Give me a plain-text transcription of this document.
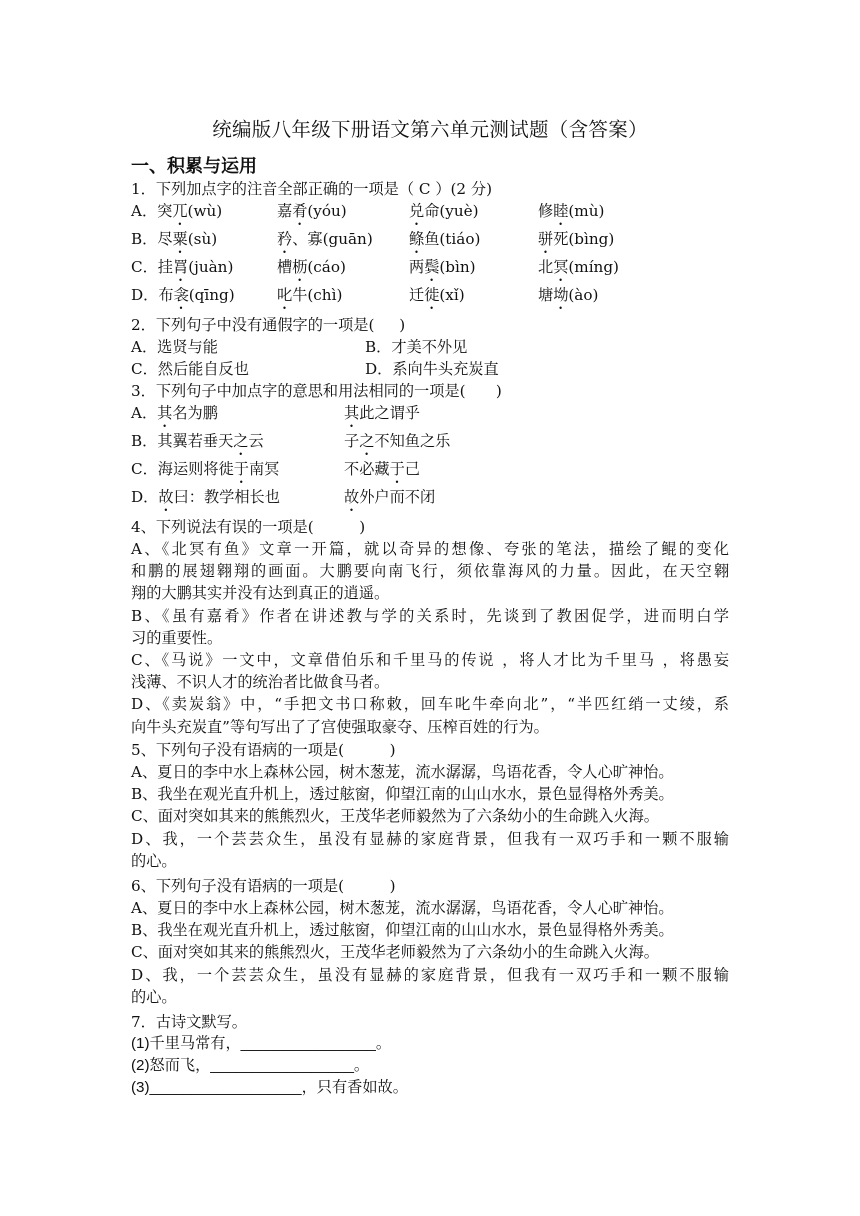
统编版八年级下册语文第六单元测试题（含答案）
一、积累与运用
1．下列加点字的注音全部正确的一项是（ C ）(2 分)
A．突兀(wù)	嘉肴(yóu)	兑命(yuè)	修睦(mù)
B．尽粟(sù)	矜、寡(guān) 鲦鱼(tiáo)	骈死(bìng)
C．挂罥(juàn)	槽枥(cáo)	两鬓(bìn)	北冥(míng)
D．布衾(qīng)	叱牛(chì)	迁徙(xǐ)	塘坳(ào)
2．下列句子中没有通假字的一项是(　  )
A．选贤与能	B．才美不外见
C．然后能自反也	D．系向牛头充炭直
3．下列句子中加点字的意思和用法相同的一项是(　　)
A．其名为鹏	其此之谓乎
B．其翼若垂天之云	子之不知鱼之乐
C．海运则将徙于南冥	不必藏于己
D．故曰：教学相长也	故外户而不闭
4、下列说法有误的一项是(　　　)
A、《北冥有鱼》文章一开篇，就以奇异的想像、夸张的笔法，描绘了鲲的变化
和鹏的展翅翱翔的画面。大鹏要向南飞行，须依靠海风的力量。因此，在天空翱
翔的大鹏其实并没有达到真正的逍遥。
B、《虽有嘉肴》作者在讲述教与学的关系时，先谈到了教困促学，进而明白学
习的重要性。
C、《马说》一文中，文章借伯乐和千里马的传说 ，将人才比为千里马 ，将愚妄
浅薄、不识人才的统治者比做食马者。
D、《卖炭翁》中，“手把文书口称敕，回车叱牛牵向北”，“半匹红绡一丈绫，系
向牛头充炭直”等句写出了了宫使强取豪夺、压榨百姓的行为。
5、下列句子没有语病的一项是(　　　)
A、夏日的李中水上森林公园，树木葱茏，流水潺潺，鸟语花香，令人心旷神怡。
B、我坐在观光直升机上，透过舷窗，仰望江南的山山水水，景色显得格外秀美。
C、面对突如其来的熊熊烈火，王茂华老师毅然为了六条幼小的生命跳入火海。
D、我，一个芸芸众生，虽没有显赫的家庭背景，但我有一双巧手和一颗不服输
的心。
6、下列句子没有语病的一项是(　　　)
A、夏日的李中水上森林公园，树木葱茏，流水潺潺，鸟语花香，令人心旷神怡。
B、我坐在观光直升机上，透过舷窗，仰望江南的山山水水，景色显得格外秀美。
C、面对突如其来的熊熊烈火，王茂华老师毅然为了六条幼小的生命跳入火海。
D、我，一个芸芸众生，虽没有显赫的家庭背景，但我有一双巧手和一颗不服输
的心。
7．古诗文默写。
(1)千里马常有，________________。
(2)怒而飞，_________________。
(3)__________________，只有香如故。
